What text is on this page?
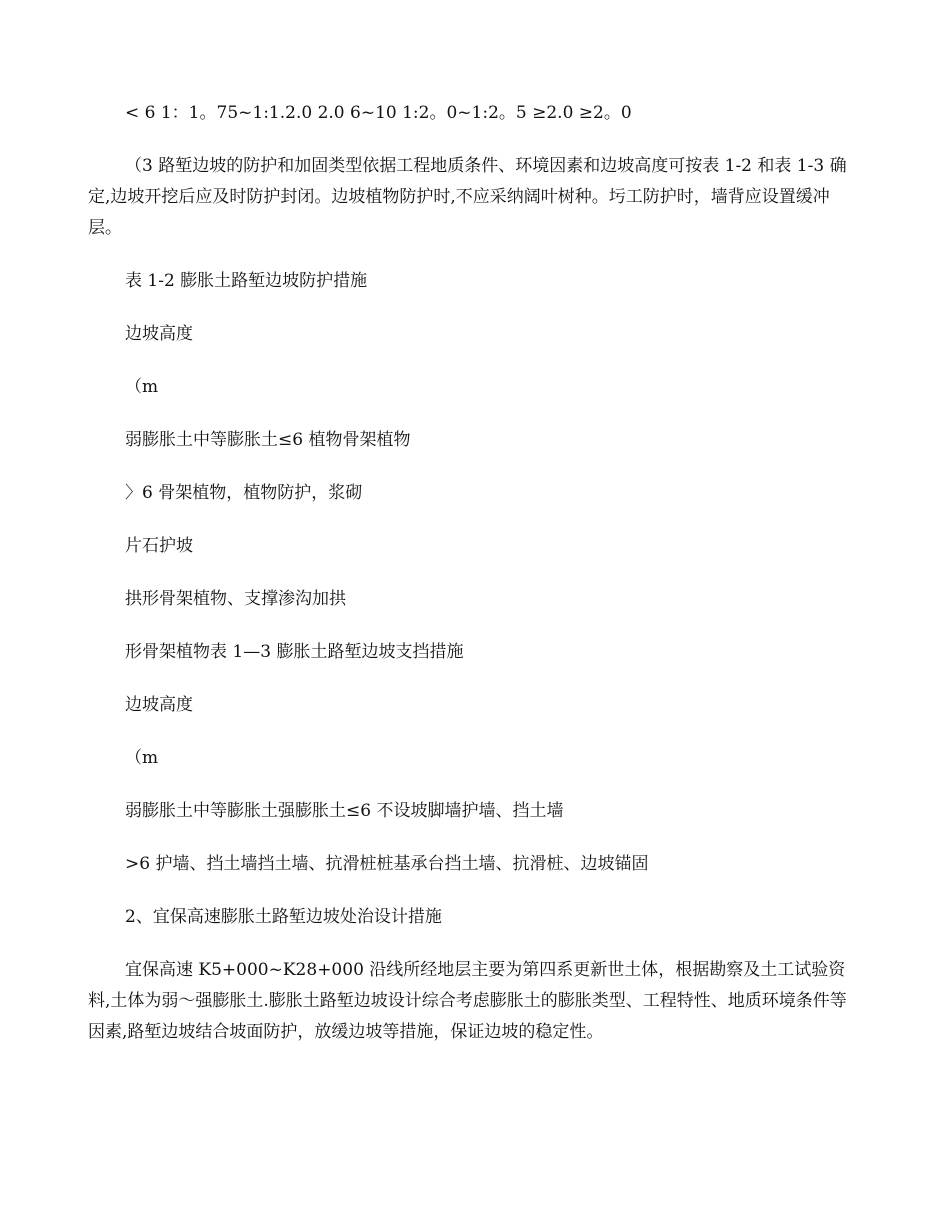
< 6 1：1。75~1:1.2.0 2.0 6~10 1:2。0~1:2。5 ≥2.0 ≥2。0

（3 路堑边坡的防护和加固类型依据工程地质条件、环境因素和边坡高度可按表 1-2 和表 1-3 确定,边坡开挖后应及时防护封闭。边坡植物防护时,不应采纳阔叶树种。圬工防护时，墙背应设置缓冲层。

表 1-2 膨胀土路堑边坡防护措施

边坡高度

（m

弱膨胀土中等膨胀土≤6 植物骨架植物

〉6 骨架植物，植物防护，浆砌

片石护坡

拱形骨架植物、支撑渗沟加拱

形骨架植物表 1—3 膨胀土路堑边坡支挡措施

边坡高度

（m

弱膨胀土中等膨胀土强膨胀土≤6 不设坡脚墙护墙、挡土墙

>6 护墙、挡土墙挡土墙、抗滑桩桩基承台挡土墙、抗滑桩、边坡锚固

2、宜保高速膨胀土路堑边坡处治设计措施

宜保高速 K5+000~K28+000 沿线所经地层主要为第四系更新世土体，根据勘察及土工试验资料,土体为弱～强膨胀土.膨胀土路堑边坡设计综合考虑膨胀土的膨胀类型、工程特性、地质环境条件等因素,路堑边坡结合坡面防护，放缓边坡等措施，保证边坡的稳定性。
